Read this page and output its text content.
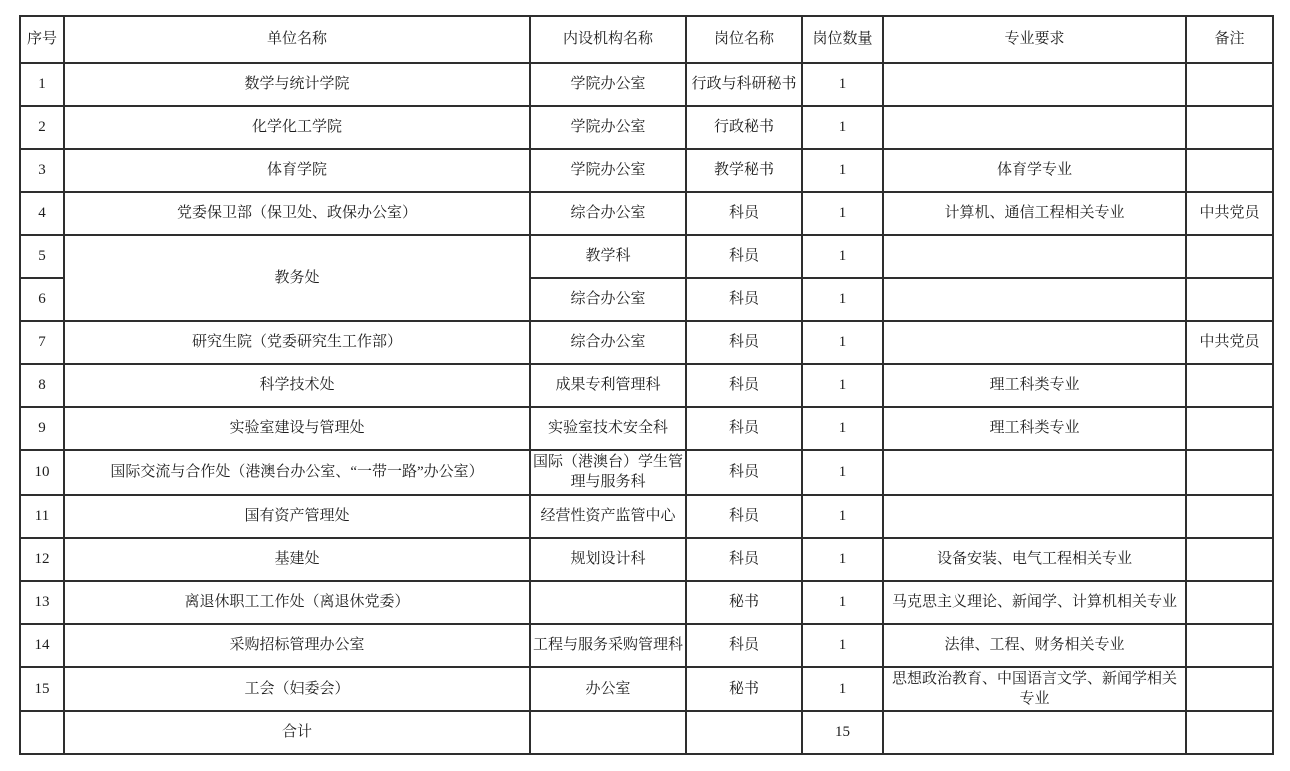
序号	单位名称	内设机构名称	岗位名称	岗位数量	专业要求	备注
1	数学与统计学院	学院办公室	行政与科研秘书	1		
2	化学化工学院	学院办公室	行政秘书	1		
3	体育学院	学院办公室	教学秘书	1	体育学专业	
4	党委保卫部（保卫处、政保办公室）	综合办公室	科员	1	计算机、通信工程相关专业	中共党员
5	教务处	教学科	科员	1		
6		综合办公室	科员	1		
7	研究生院（党委研究生工作部）	综合办公室	科员	1		中共党员
8	科学技术处	成果专利管理科	科员	1	理工科类专业	
9	实验室建设与管理处	实验室技术安全科	科员	1	理工科类专业	
10	国际交流与合作处（港澳台办公室、“一带一路”办公室）	国际（港澳台）学生管理与服务科	科员	1		
11	国有资产管理处	经营性资产监管中心	科员	1		
12	基建处	规划设计科	科员	1	设备安装、电气工程相关专业	
13	离退休职工工作处（离退休党委）		秘书	1	马克思主义理论、新闻学、计算机相关专业	
14	采购招标管理办公室	工程与服务采购管理科	科员	1	法律、工程、财务相关专业	
15	工会（妇委会）	办公室	秘书	1	思想政治教育、中国语言文学、新闻学相关专业	
	合计			15		
